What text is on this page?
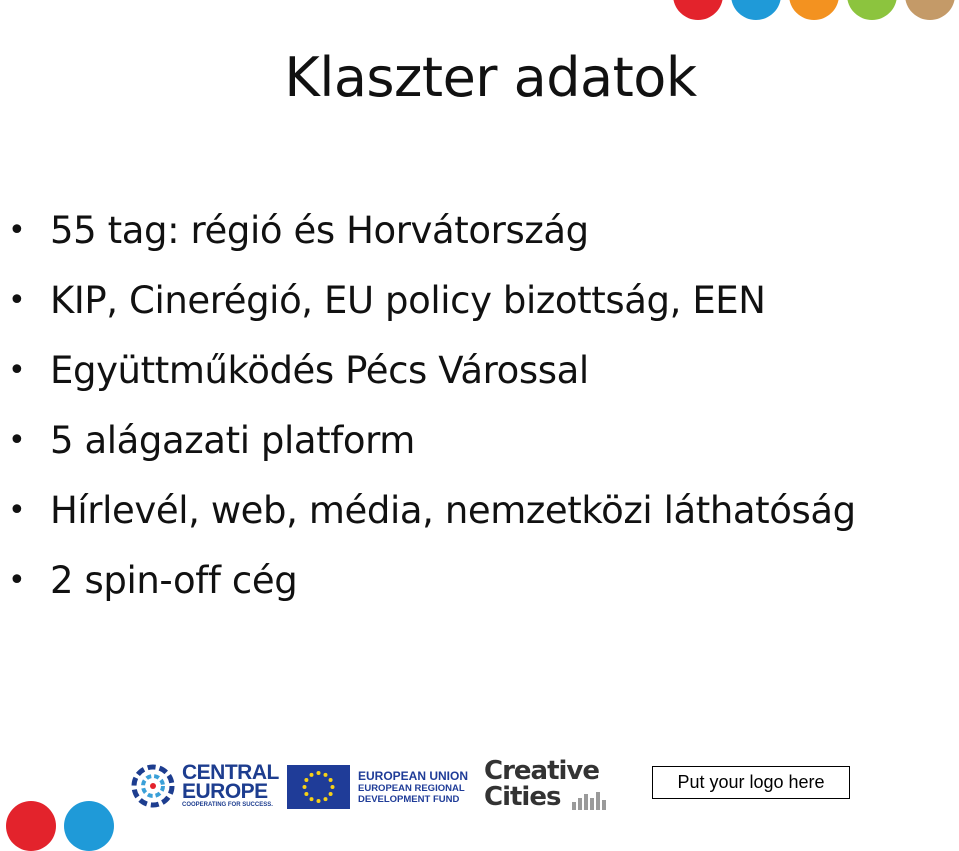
Klaszter adatok
• 55 tag: régió és Horvátország
• KIP, Cinerégió, EU policy bizottság, EEN
• Együttműködés Pécs Várossal
• 5 alágazati platform
• Hírlevél, web, média, nemzetközi láthatóság
• 2 spin-off cég
CENTRAL
EUROPE
COOPERATING FOR SUCCESS.
EUROPEAN UNION
EUROPEAN REGIONAL
DEVELOPMENT FUND
Creative
Cities	Put your logo here
